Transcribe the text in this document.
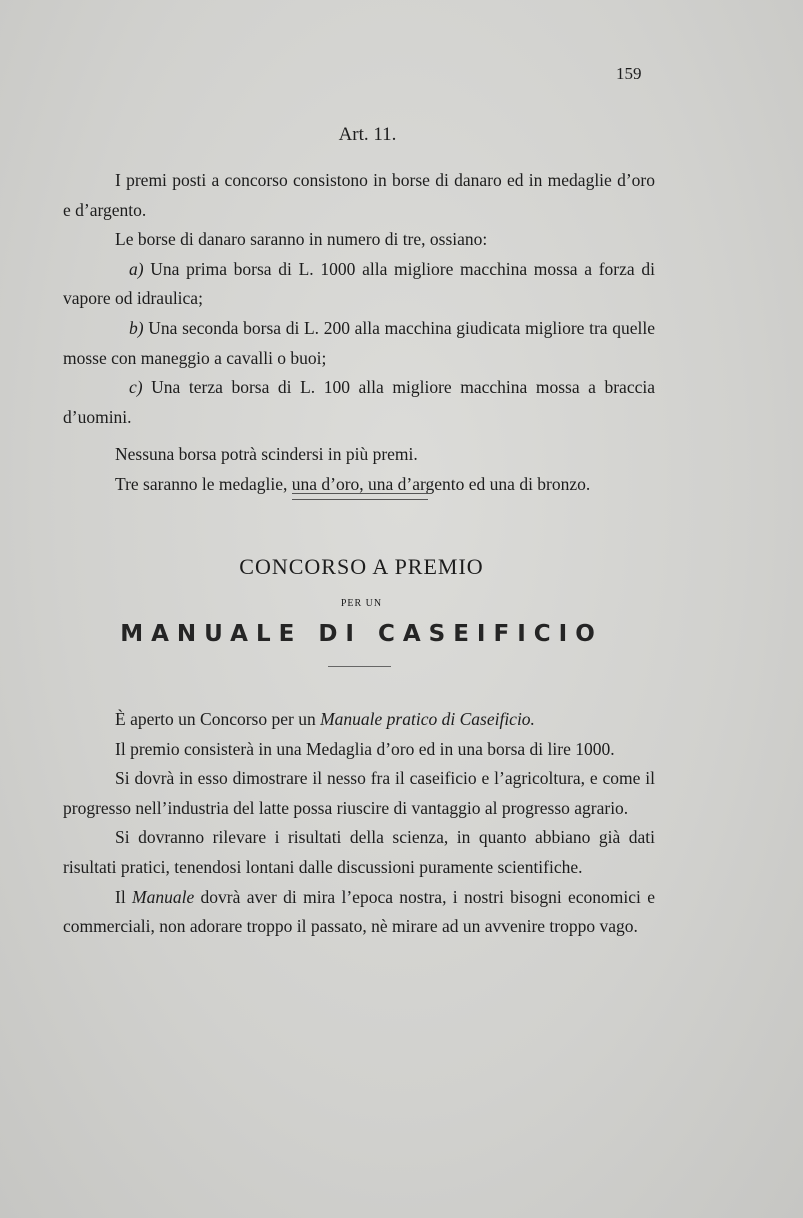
159
Art. 11.

I premi posti a concorso consistono in borse di danaro ed in medaglie d’oro e d’argento.

Le borse di danaro saranno in numero di tre, ossiano:

a) Una prima borsa di L. 1000 alla migliore macchina mossa a forza di vapore od idraulica;

b) Una seconda borsa di L. 200 alla macchina giudicata migliore tra quelle mosse con maneggio a cavalli o buoi;

c) Una terza borsa di L. 100 alla migliore macchina mossa a braccia d’uomini.

Nessuna borsa potrà scindersi in più premi.

Tre saranno le medaglie, una d’oro, una d’argento ed una di bronzo.

CONCORSO A PREMIO
PER UN
MANUALE DI CASEIFICIO

È aperto un Concorso per un Manuale pratico di Caseificio.

Il premio consisterà in una Medaglia d’oro ed in una borsa di lire 1000.

Si dovrà in esso dimostrare il nesso fra il caseificio e l’agricoltura, e come il progresso nell’industria del latte possa riuscire di vantaggio al progresso agrario.

Si dovranno rilevare i risultati della scienza, in quanto abbiano già dati risultati pratici, tenendosi lontani dalle discussioni puramente scientifiche.

Il Manuale dovrà aver di mira l’epoca nostra, i nostri bisogni economici e commerciali, non adorare troppo il passato, nè mirare ad un avvenire troppo vago.
